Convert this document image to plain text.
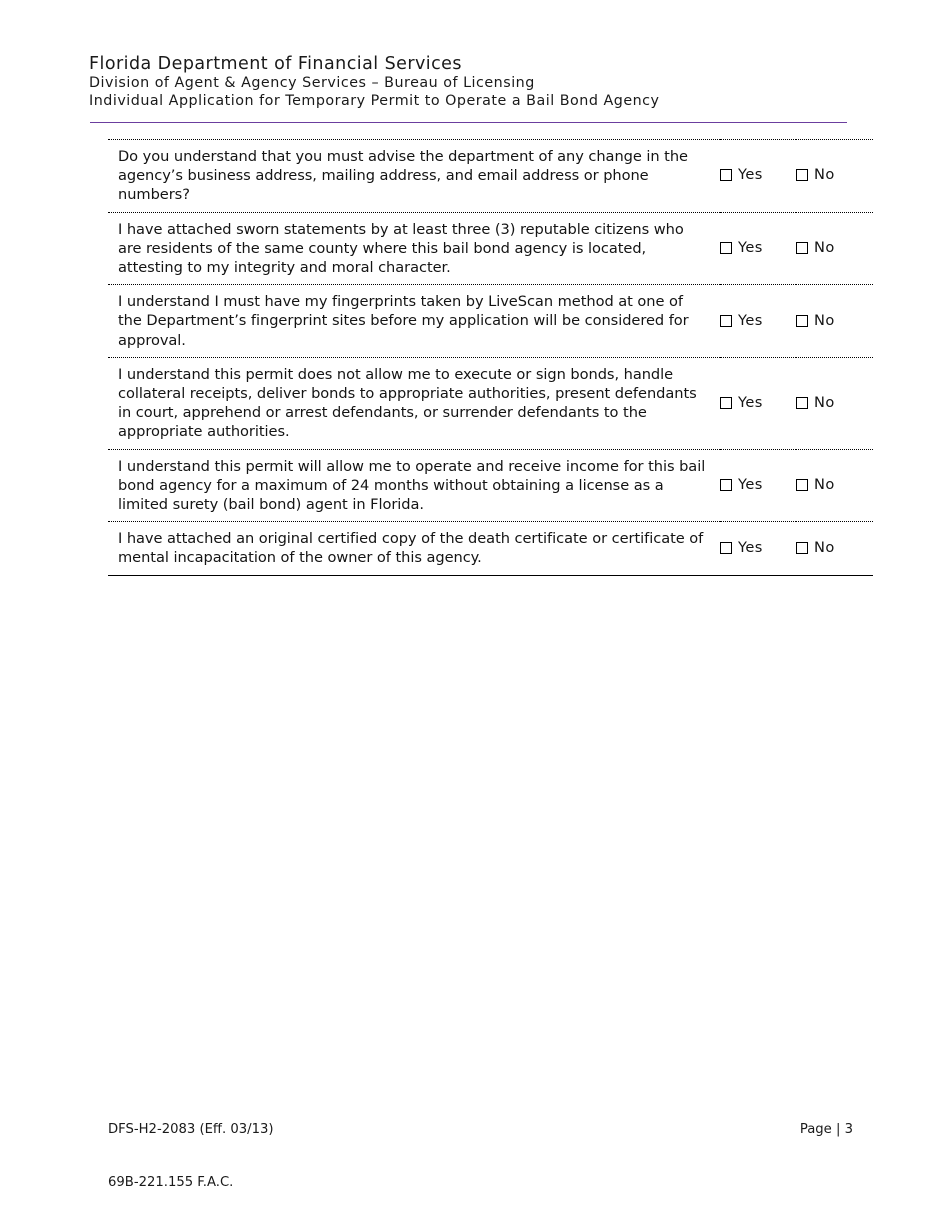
Florida Department of Financial Services
Division of Agent & Agency Services – Bureau of Licensing
Individual Application for Temporary Permit to Operate a Bail Bond Agency
Do you understand that you must advise the department of any change in the agency’s business address, mailing address, and email address or phone numbers?	Yes	No

I have attached sworn statements by at least three (3) reputable citizens who are residents of the same county where this bail bond agency is located, attesting to my integrity and moral character.	Yes	No

I understand I must have my fingerprints taken by LiveScan method at one of the Department’s fingerprint sites before my application will be considered for approval.	Yes	No

I understand this permit does not allow me to execute or sign bonds, handle collateral receipts, deliver bonds to appropriate authorities, present defendants in court, apprehend or arrest defendants, or surrender defendants to the appropriate authorities.	Yes	No

I understand this permit will allow me to operate and receive income for this bail bond agency for a maximum of 24 months without obtaining a license as a limited surety (bail bond) agent in Florida.	Yes	No

I have attached an original certified copy of the death certificate or certificate of mental incapacitation of the owner of this agency.	Yes	No
DFS-H2-2083 (Eff. 03/13)	Page | 3
69B-221.155 F.A.C.
